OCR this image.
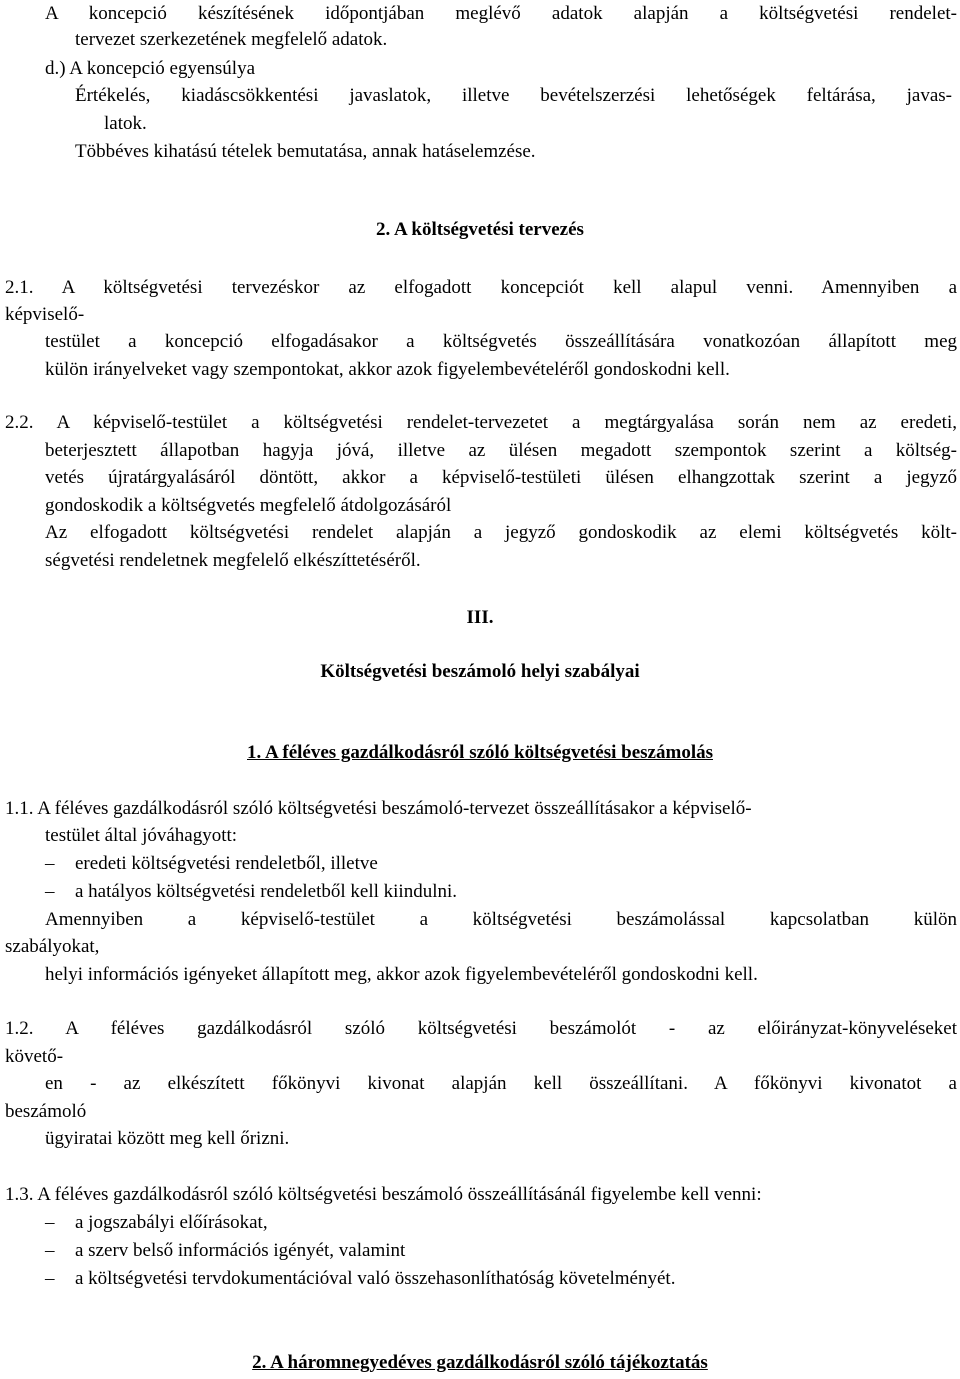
A koncepció készítésének időpontjában meglévő adatok alapján a költségvetési rendelet-
tervezet szerkezetének megfelelő adatok.
d.) A koncepció egyensúlya
Értékelés, kiadáscsökkentési javaslatok, illetve bevételszerzési lehetőségek feltárása, javas-
latok.
Többéves kihatású tételek bemutatása, annak hatáselemzése.
2. A költségvetési tervezés
2.1. A költségvetési tervezéskor az elfogadott koncepciót kell alapul venni. Amennyiben a
képviselő-
testület a koncepció elfogadásakor a költségvetés összeállítására vonatkozóan állapított meg
külön irányelveket vagy szempontokat, akkor azok figyelembevételéről gondoskodni kell.
2.2. A képviselő-testület a költségvetési rendelet-tervezetet a megtárgyalása során nem az eredeti,
beterjesztett állapotban hagyja jóvá, illetve az ülésen megadott szempontok szerint a költség-
vetés újratárgyalásáról döntött, akkor a képviselő-testületi ülésen elhangzottak szerint a jegyző
gondoskodik a költségvetés megfelelő átdolgozásáról
Az elfogadott költségvetési rendelet alapján a jegyző gondoskodik az elemi költségvetés költ-
ségvetési rendeletnek megfelelő elkészíttetéséről.
III.
Költségvetési beszámoló helyi szabályai
1. A féléves gazdálkodásról szóló költségvetési beszámolás
1.1. A féléves gazdálkodásról szóló költségvetési beszámoló-tervezet összeállításakor a képviselő-
testület által jóváhagyott:
– eredeti költségvetési rendeletből, illetve
– a hatályos költségvetési rendeletből kell kiindulni.
Amennyiben a képviselő-testület a költségvetési beszámolással kapcsolatban külön
szabályokat,
helyi információs igényeket állapított meg, akkor azok figyelembevételéről gondoskodni kell.
1.2. A féléves gazdálkodásról szóló költségvetési beszámolót - az előirányzat-könyveléseket
követő-
en - az elkészített főkönyvi kivonat alapján kell összeállítani. A főkönyvi kivonatot a
beszámoló
ügyiratai között meg kell őrizni.
1.3. A féléves gazdálkodásról szóló költségvetési beszámoló összeállításánál figyelembe kell venni:
– a jogszabályi előírásokat,
– a szerv belső információs igényét, valamint
– a költségvetési tervdokumentációval való összehasonlíthatóság követelményét.
2. A háromnegyedéves gazdálkodásról szóló tájékoztatás
